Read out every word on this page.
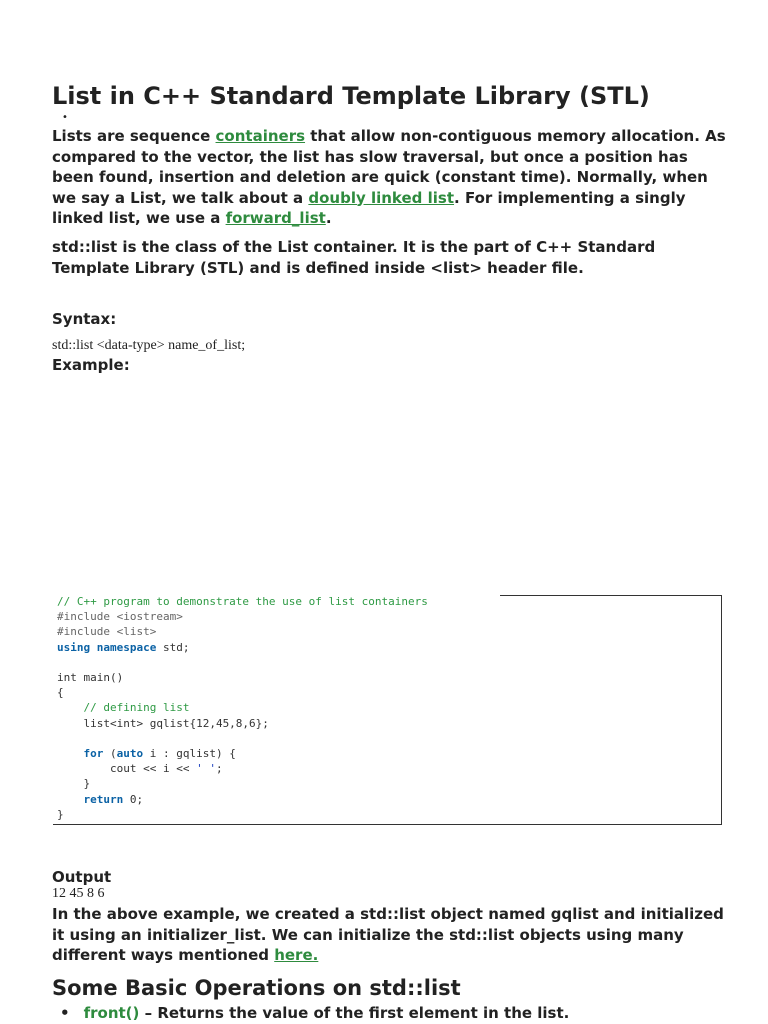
List in C++ Standard Template Library (STL)
•
Lists are sequence containers that allow non-contiguous memory allocation. As compared to the vector, the list has slow traversal, but once a position has been found, insertion and deletion are quick (constant time). Normally, when we say a List, we talk about a doubly linked list. For implementing a singly linked list, we use a forward_list.
std::list is the class of the List container. It is the part of C++ Standard Template Library (STL) and is defined inside <list> header file.
Syntax:
std::list <data-type> name_of_list;
Example:
// C++ program to demonstrate the use of list containers
#include <iostream>
#include <list>
using namespace std;

int main()
{
// defining list
list<int> gqlist{12,45,8,6};

for (auto i : gqlist) {
cout << i << ' ';
}
return 0;
}
Output
12 45 8 6
In the above example, we created a std::list object named gqlist and initialized it using an initializer_list. We can initialize the std::list objects using many different ways mentioned here.
Some Basic Operations on std::list
• front() – Returns the value of the first element in the list.
